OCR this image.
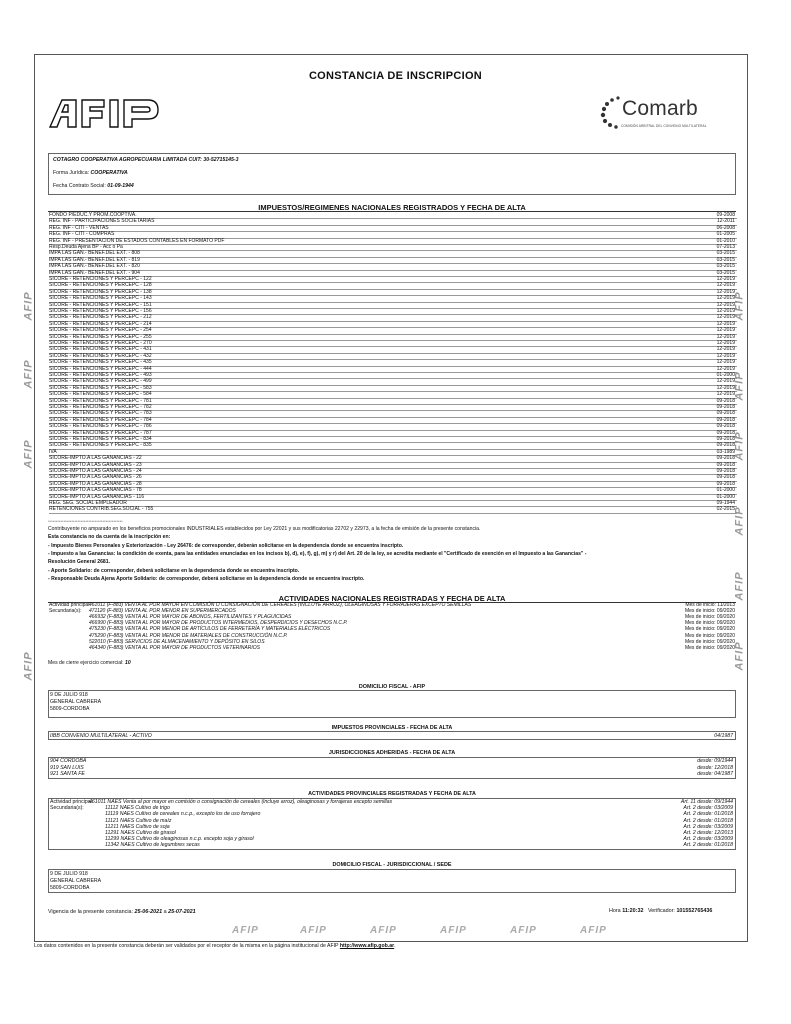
CONSTANCIA DE INSCRIPCION
Comarb
COMISIÓN ARBITRAL DEL CONVENIO MULTILATERAL
COTAGRO COOPERATIVA AGROPECUARIA LIMITADA CUIT: 30-52715145-3
Forma Jurídica: COOPERATIVA
Fecha Contrato Social: 01-09-1944
IMPUESTOS/REGIMENES NACIONALES REGISTRADOS Y FECHA DE ALTA
FONDO P/EDUC.Y PROM.COOPTIVA.	09-2008
REG. INF - PARTICIPACIONES SOCIETARIAS	12-2011
REG. INF - CITI - VENTAS	06-2008
REG. INF - CITI - COMPRAS	01-2005
REG. INF - PRESENTACION DE ESTADOS CONTABLES EN FORMATO PDF	01-2010
Resp.Deuda Ajena BP - Acc o Pa	07-2013
IMPA LAS GAN.- BENEF.DEL EXT. - 808	03-2015
IMPA LAS GAN.- BENEF.DEL EXT. - 819	03-2015
IMPA LAS GAN.- BENEF.DEL EXT. - 820	03-2015
IMPA LAS GAN.- BENEF.DEL EXT. - 904	03-2015
SICORE - RETENCIONES Y PERCEPC - 122	12-2019
SICORE - RETENCIONES Y PERCEPC - 128	12-2019
SICORE - RETENCIONES Y PERCEPC - 138	12-2019
SICORE - RETENCIONES Y PERCEPC - 143	12-2019
SICORE - RETENCIONES Y PERCEPC - 151	12-2019
SICORE - RETENCIONES Y PERCEPC - 156	12-2019
SICORE - RETENCIONES Y PERCEPC - 212	12-2019
SICORE - RETENCIONES Y PERCEPC - 214	12-2019
SICORE - RETENCIONES Y PERCEPC - 254	12-2019
SICORE - RETENCIONES Y PERCEPC - 255	12-2019
SICORE - RETENCIONES Y PERCEPC - 270	12-2019
SICORE - RETENCIONES Y PERCEPC - 431	12-2019
SICORE - RETENCIONES Y PERCEPC - 432	12-2019
SICORE - RETENCIONES Y PERCEPC - 435	12-2019
SICORE - RETENCIONES Y PERCEPC - 444	12-2019
SICORE - RETENCIONES Y PERCEPC - 493	01-2000
SICORE - RETENCIONES Y PERCEPC - 499	12-2019
SICORE - RETENCIONES Y PERCEPC - 583	12-2019
SICORE - RETENCIONES Y PERCEPC - 584	12-2019
SICORE - RETENCIONES Y PERCEPC - 781	09-2018
SICORE - RETENCIONES Y PERCEPC - 782	09-2018
SICORE - RETENCIONES Y PERCEPC - 783	09-2018
SICORE - RETENCIONES Y PERCEPC - 784	09-2018
SICORE - RETENCIONES Y PERCEPC - 786	09-2018
SICORE - RETENCIONES Y PERCEPC - 787	09-2018
SICORE - RETENCIONES Y PERCEPC - 834	09-2018
SICORE - RETENCIONES Y PERCEPC - 835	09-2018
IVA	03-1989
SICORE-IMPTO.A LAS GANANCIAS - 22	09-2018
SICORE-IMPTO.A LAS GANANCIAS - 23	09-2018
SICORE-IMPTO.A LAS GANANCIAS - 24	09-2018
SICORE-IMPTO.A LAS GANANCIAS - 26	09-2018
SICORE-IMPTO.A LAS GANANCIAS - 28	09-2018
SICORE-IMPTO.A LAS GANANCIAS - 78	01-2000
SICORE-IMPTO.A LAS GANANCIAS - 116	01-2000
REG. SEG. SOCIAL EMPLEADOR	09-1944
RETENCIONES CONTRIB.SEG.SOCIAL - 755	02-2015
************************************************
Contribuyente no amparado en los beneficios promocionales INDUSTRIALES establecidos por Ley 22021 y sus modificatorias 22702 y 22973, a la fecha de emisión de la presente constancia.
Esta constancia no da cuenta de la inscripción en:
- Impuesto Bienes Personales y Exteriorización - Ley 26476: de corresponder, deberán solicitarse en la dependencia donde se encuentra inscripto.
- Impuesto a las Ganancias: la condición de exenta, para las entidades enunciadas en los incisos b), d), e), f), g), m) y r) del Art. 20 de la ley, se acredita mediante el "Certificado de exención en el Impuesto a las Ganancias" -
Resolución General 2681.
- Aporte Solidario: de corresponder, deberá solicitarse en la dependencia donde se encuentra inscripto.
- Responsable Deuda Ajena Aporte Solidario: de corresponder, deberá solicitarse en la dependencia donde se encuentra inscripto.
ACTIVIDADES NACIONALES REGISTRADAS Y FECHA DE ALTA
Actividad principal:
461011 (F-883) VENTA AL POR MAYOR EN COMISIÓN O CONSIGNACIÓN DE CEREALES (INCLUYE ARROZ), OLEAGINOSAS Y FORRAJERAS EXCEPTO SEMILLAS	Mes de inicio: 11/2013
Secundaria(s): 471120 (F-883) VENTA AL POR MENOR EN SUPERMERCADOS	Mes de inicio: 09/2020
466932 (F-883) VENTA AL POR MAYOR DE ABONOS, FERTILIZANTES Y PLAGUICIDAS	Mes de inicio: 09/2020
466990 (F-883) VENTA AL POR MAYOR DE PRODUCTOS INTERMEDIOS, DESPERDICIOS Y DESECHOS N.C.P.	Mes de inicio: 09/2020
475230 (F-883) VENTA AL POR MENOR DE ARTÍCULOS DE FERRETERÍA Y MATERIALES ELÉCTRICOS	Mes de inicio: 09/2020
475290 (F-883) VENTA AL POR MENOR DE MATERIALES DE CONSTRUCCIÓN N.C.P.	Mes de inicio: 09/2020
522010 (F-883) SERVICIOS DE ALMACENAMIENTO Y DEPÓSITO EN SILOS	Mes de inicio: 09/2020
464340 (F-883) VENTA AL POR MAYOR DE PRODUCTOS VETERINARIOS	Mes de inicio: 09/2020
Mes de cierre ejercicio comercial: 10
DOMICILIO FISCAL - AFIP
9 DE JULIO 918
GENERAL CABRERA
5809-CORDOBA
IMPUESTOS PROVINCIALES - FECHA DE ALTA
IIBB CONVENIO MULTILATERAL - ACTIVO	04/1987
JURISDICCIONES ADHERIDAS - FECHA DE ALTA
904 CORDOBA	desde: 09/1944
919 SAN LUIS	desde: 12/2018
921 SANTA FE	desde: 04/1987
ACTIVIDADES PROVINCIALES REGISTRADAS Y FECHA DE ALTA
Actividad principal:
461011 NAES Venta al por mayor en comisión o consignación de cereales (incluye arroz), oleaginosas y forrajeras excepto semillas	Art. 11 desde: 09/1944
Secundaria(s):	11112 NAES Cultivo de trigo	Art. 2 desde: 03/2009
11119 NAES Cultivo de cereales n.c.p., excepto los de uso forrajero	Art. 2 desde: 01/2018
11121 NAES Cultivo de maíz	Art. 2 desde: 01/2018
11211 NAES Cultivo de soja	Art. 2 desde: 03/2009
11291 NAES Cultivo de girasol	Art. 2 desde: 12/2013
11299 NAES Cultivo de oleaginosas n.c.p. excepto soja y girasol	Art. 2 desde: 03/2009
11342 NAES Cultivo de legumbres secas	Art. 2 desde: 01/2018
DOMICILIO FISCAL - JURISDICCIONAL / SEDE
9 DE JULIO 918
GENERAL CABRERA
5809-CORDOBA
Vigencia de la presente constancia: 25-06-2021 a 25-07-2021	Hora 11:20:32 Verificador: 101552765436
AFIP	AFIP	AFIP	AFIP	AFIP	AFIP
AFIP
AFIP
AFIP
AFIP
AFIP
AFIP
AFIP
AFIP
AFIP
AFIP
Los datos contenidos en la presente constancia deberán ser validados por el receptor de la misma en la página institucional de AFIP http://www.afip.gob.ar.
